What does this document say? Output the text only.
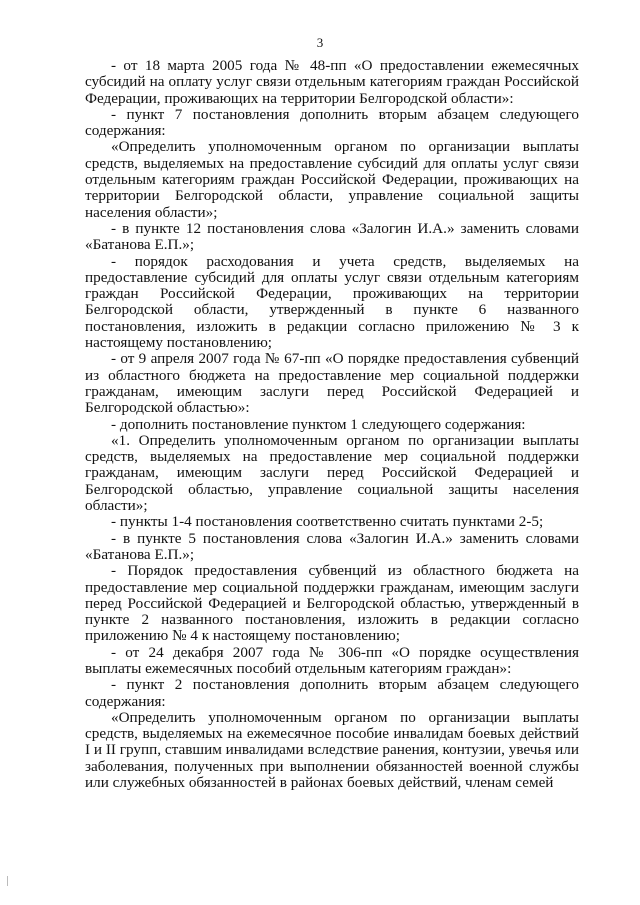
3

- от 18 марта 2005 года № 48-пп «О предоставлении ежемесячных субсидий на оплату услуг связи отдельным категориям граждан Российской Федерации, проживающих на территории Белгородской области»:

- пункт 7 постановления дополнить вторым абзацем следующего содержания:

«Определить уполномоченным органом по организации выплаты средств, выделяемых на предоставление субсидий для оплаты услуг связи отдельным категориям граждан Российской Федерации, проживающих на территории Белгородской области, управление социальной защиты населения области»;

- в пункте 12 постановления слова «Залогин И.А.» заменить словами «Батанова Е.П.»;

- порядок расходования и учета средств, выделяемых на предоставление субсидий для оплаты услуг связи отдельным категориям граждан Российской Федерации, проживающих на территории Белгородской области, утвержденный в пункте 6 названного постановления, изложить в редакции согласно приложению № 3 к настоящему постановлению;

- от 9 апреля 2007 года № 67-пп «О порядке предоставления субвенций из областного бюджета на предоставление мер социальной поддержки гражданам, имеющим заслуги перед Российской Федерацией и Белгородской областью»:

- дополнить постановление пунктом 1 следующего содержания:

«1. Определить уполномоченным органом по организации выплаты средств, выделяемых на предоставление мер социальной поддержки гражданам, имеющим заслуги перед Российской Федерацией и Белгородской областью, управление социальной защиты населения области»;

- пункты 1-4 постановления соответственно считать пунктами 2-5;

- в пункте 5 постановления слова «Залогин И.А.» заменить словами «Батанова Е.П.»;

- Порядок предоставления субвенций из областного бюджета на предоставление мер социальной поддержки гражданам, имеющим заслуги перед Российской Федерацией и Белгородской областью, утвержденный в пункте 2 названного постановления, изложить в редакции согласно приложению № 4 к настоящему постановлению;

- от 24 декабря 2007 года № 306-пп «О порядке осуществления выплаты ежемесячных пособий отдельным категориям граждан»:

- пункт 2 постановления дополнить вторым абзацем следующего содержания:

«Определить уполномоченным органом по организации выплаты средств, выделяемых на ежемесячное пособие инвалидам боевых действий I и II групп, ставшим инвалидами вследствие ранения, контузии, увечья или заболевания, полученных при выполнении обязанностей военной службы или служебных обязанностей в районах боевых действий, членам семей
